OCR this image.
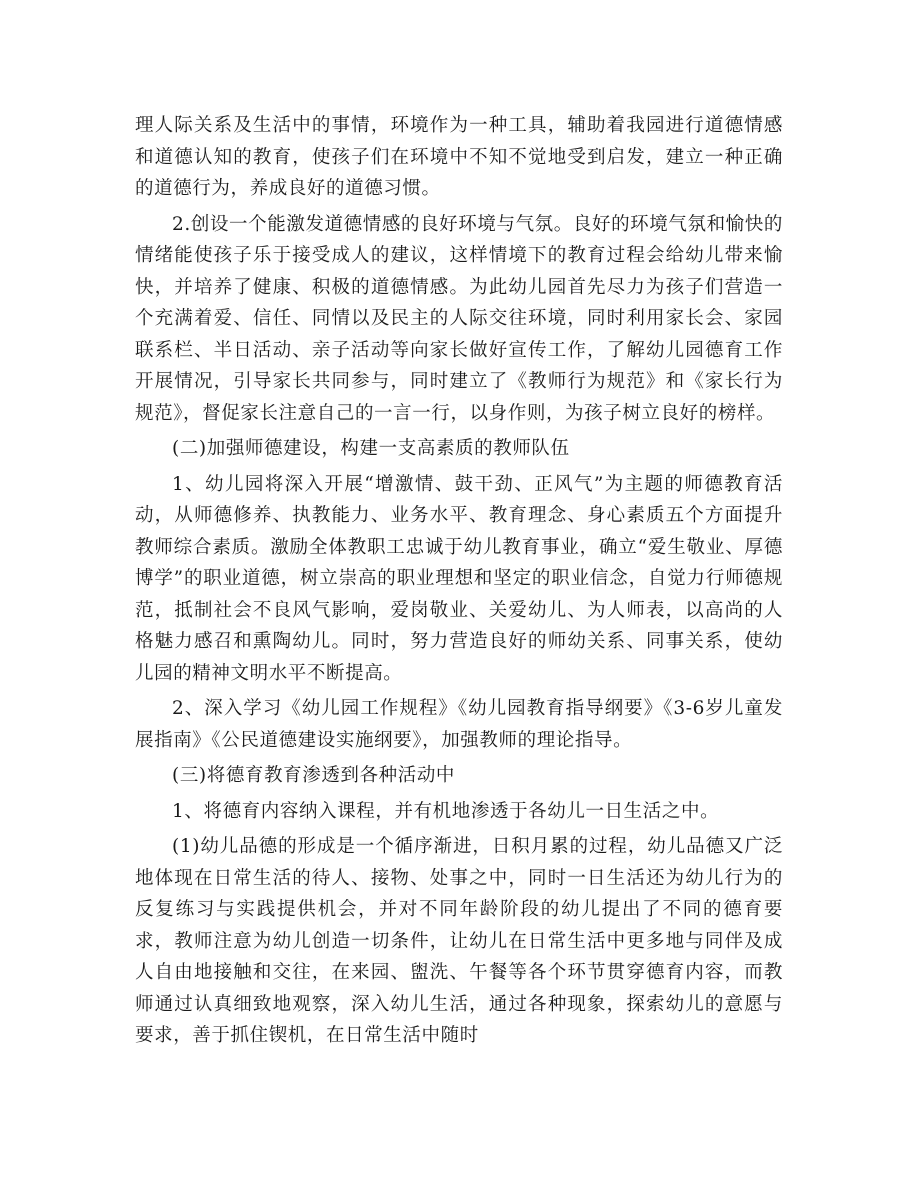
理人际关系及生活中的事情，环境作为一种工具，辅助着我园进行道德情感和道德认知的教育，使孩子们在环境中不知不觉地受到启发，建立一种正确的道德行为，养成良好的道德习惯。

2.创设一个能激发道德情感的良好环境与气氛。良好的环境气氛和愉快的情绪能使孩子乐于接受成人的建议，这样情境下的教育过程会给幼儿带来愉快，并培养了健康、积极的道德情感。为此幼儿园首先尽力为孩子们营造一个充满着爱、信任、同情以及民主的人际交往环境，同时利用家长会、家园联系栏、半日活动、亲子活动等向家长做好宣传工作，了解幼儿园德育工作开展情况，引导家长共同参与，同时建立了《教师行为规范》和《家长行为规范》，督促家长注意自己的一言一行，以身作则，为孩子树立良好的榜样。

(二)加强师德建设，构建一支高素质的教师队伍

1、幼儿园将深入开展“增激情、鼓干劲、正风气”为主题的师德教育活动，从师德修养、执教能力、业务水平、教育理念、身心素质五个方面提升教师综合素质。激励全体教职工忠诚于幼儿教育事业，确立“爱生敬业、厚德博学”的职业道德，树立崇高的职业理想和坚定的职业信念，自觉力行师德规范，抵制社会不良风气影响，爱岗敬业、关爱幼儿、为人师表，以高尚的人格魅力感召和熏陶幼儿。同时，努力营造良好的师幼关系、同事关系，使幼儿园的精神文明水平不断提高。

2、深入学习《幼儿园工作规程》《幼儿园教育指导纲要》《3-6岁儿童发展指南》《公民道德建设实施纲要》，加强教师的理论指导。

(三)将德育教育渗透到各种活动中

1、将德育内容纳入课程，并有机地渗透于各幼儿一日生活之中。

(1)幼儿品德的形成是一个循序渐进，日积月累的过程，幼儿品德又广泛地体现在日常生活的待人、接物、处事之中，同时一日生活还为幼儿行为的反复练习与实践提供机会，并对不同年龄阶段的幼儿提出了不同的德育要求，教师注意为幼儿创造一切条件，让幼儿在日常生活中更多地与同伴及成人自由地接触和交往，在来园、盥洗、午餐等各个环节贯穿德育内容，而教师通过认真细致地观察，深入幼儿生活，通过各种现象，探索幼儿的意愿与要求，善于抓住锲机，在日常生活中随时
